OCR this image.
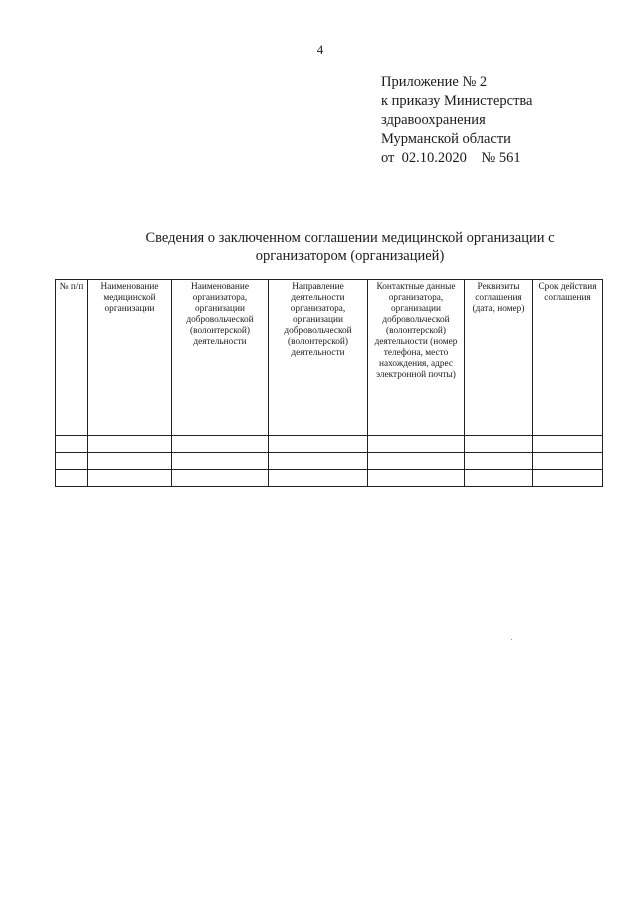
4
Приложение № 2
к приказу Министерства
здравоохранения
Мурманской области
от  02.10.2020    № 561
Сведения о заключенном соглашении медицинской организации с
организатором (организацией)
№ п/п	Наименование медицинской организации	Наименование организатора, организации добровольческой (волонтерской) деятельности	Направление деятельности организатора, организации добровольческой (волонтерской) деятельности	Контактные данные организатора, организации добровольческой (волонтерской) деятельности (номер телефона, место нахождения, адрес электронной почты)	Реквизиты соглашения (дата, номер)	Срок действия соглашения
